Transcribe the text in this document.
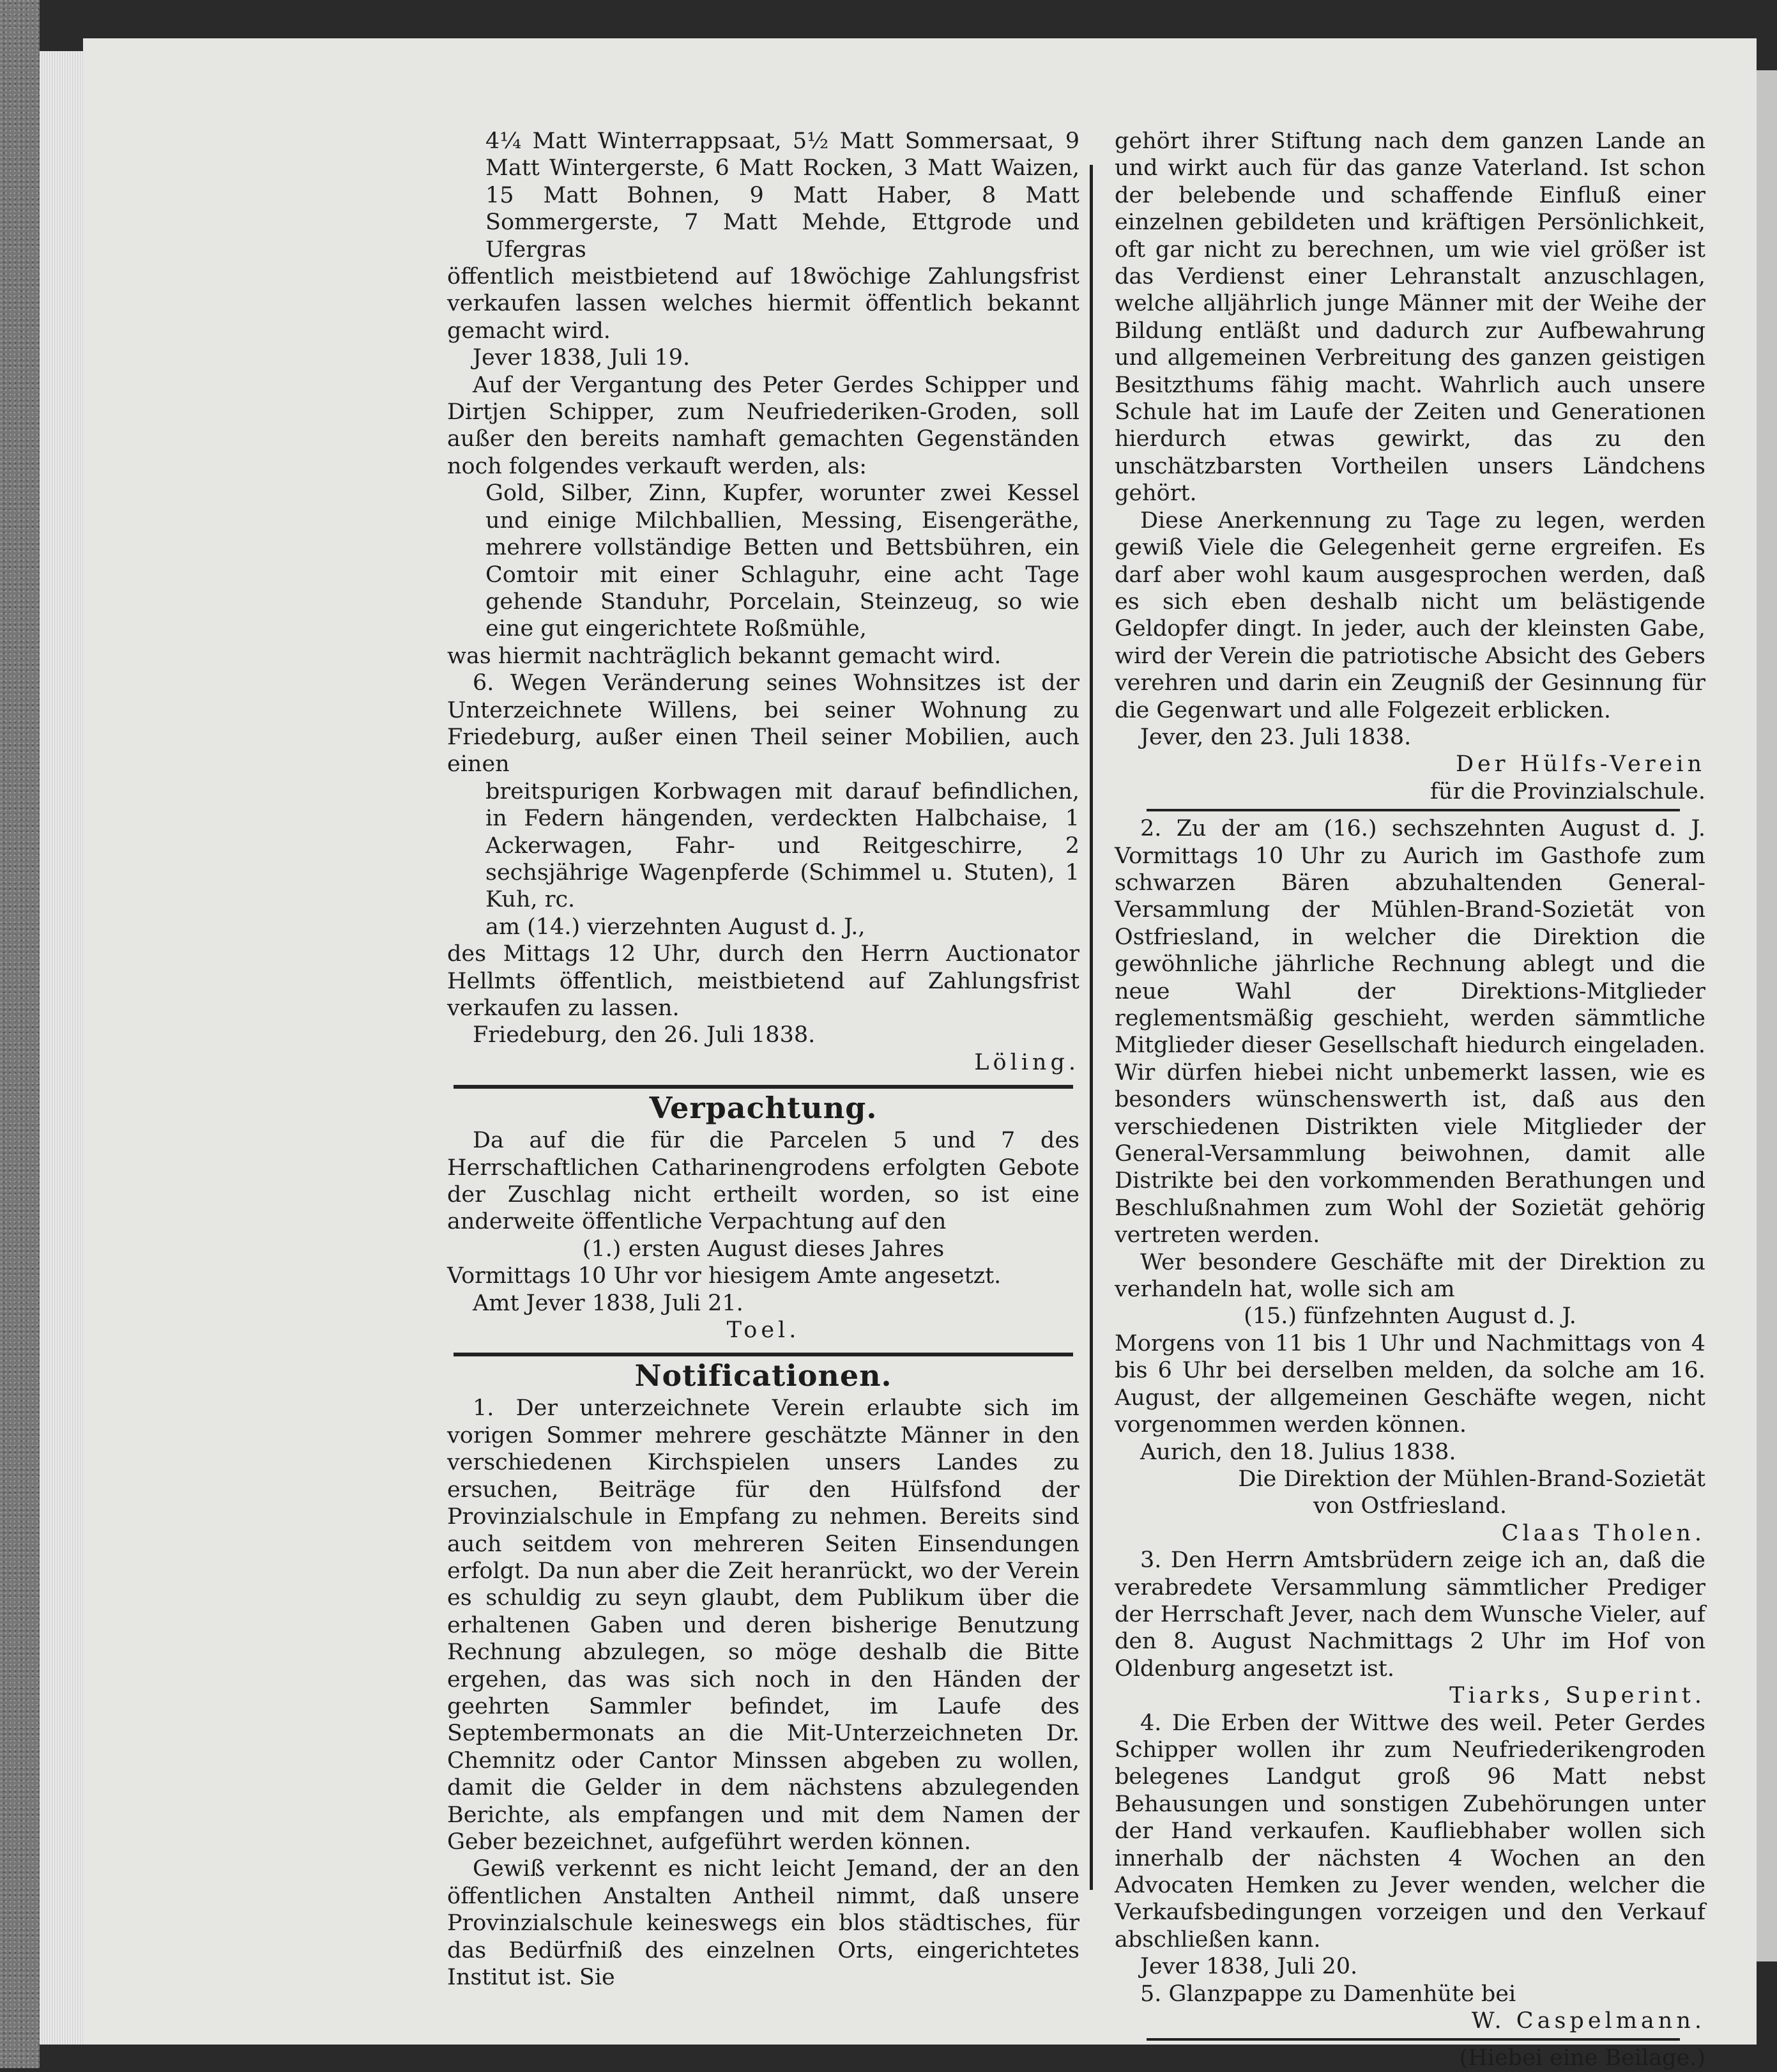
4¼ Matt Winterrappsaat, 5½ Matt Sommersaat, 9 Matt Wintergerste, 6 Matt Rocken, 3 Matt Waizen, 15 Matt Bohnen, 9 Matt Haber, 8 Matt Sommergerste, 7 Matt Mehde, Ettgrode und Ufergras

öffentlich meistbietend auf 18wöchige Zahlungsfrist verkaufen lassen welches hiermit öffentlich bekannt gemacht wird.

Jever 1838, Juli 19.

Auf der Vergantung des Peter Gerdes Schipper und Dirtjen Schipper, zum Neufriederiken-Groden, soll außer den bereits namhaft gemachten Gegenständen noch folgendes verkauft werden, als:

Gold, Silber, Zinn, Kupfer, worunter zwei Kessel und einige Milchballien, Messing, Eisengeräthe, mehrere vollständige Betten und Bettsbühren, ein Comtoir mit einer Schlaguhr, eine acht Tage gehende Standuhr, Porcelain, Steinzeug, so wie eine gut eingerichtete Roßmühle,

was hiermit nachträglich bekannt gemacht wird.

6. Wegen Veränderung seines Wohnsitzes ist der Unterzeichnete Willens, bei seiner Wohnung zu Friedeburg, außer einen Theil seiner Mobilien, auch einen

breitspurigen Korbwagen mit darauf befindlichen, in Federn hängenden, verdeckten Halbchaise, 1 Ackerwagen, Fahr- und Reitgeschirre, 2 sechsjährige Wagenpferde (Schimmel u. Stuten), 1 Kuh, rc.

am (14.) vierzehnten August d. J.,

des Mittags 12 Uhr, durch den Herrn Auctionator Hellmts öffentlich, meistbietend auf Zahlungsfrist verkaufen zu lassen.

Friedeburg, den 26. Juli 1838.

Löling.

Verpachtung.

Da auf die für die Parcelen 5 und 7 des Herrschaftlichen Catharinengrodens erfolgten Gebote der Zuschlag nicht ertheilt worden, so ist eine anderweite öffentliche Verpachtung auf den

(1.) ersten August dieses Jahres

Vormittags 10 Uhr vor hiesigem Amte angesetzt.

Amt Jever 1838, Juli 21.

Toel.

Notificationen.

1. Der unterzeichnete Verein erlaubte sich im vorigen Sommer mehrere geschätzte Männer in den verschiedenen Kirchspielen unsers Landes zu ersuchen, Beiträge für den Hülfsfond der Provinzialschule in Empfang zu nehmen. Bereits sind auch seitdem von mehreren Seiten Einsendungen erfolgt. Da nun aber die Zeit heranrückt, wo der Verein es schuldig zu seyn glaubt, dem Publikum über die erhaltenen Gaben und deren bisherige Benutzung Rechnung abzulegen, so möge deshalb die Bitte ergehen, das was sich noch in den Händen der geehrten Sammler befindet, im Laufe des Septembermonats an die Mit-Unterzeichneten Dr. Chemnitz oder Cantor Minssen abgeben zu wollen, damit die Gelder in dem nächstens abzulegenden Berichte, als empfangen und mit dem Namen der Geber bezeichnet, aufgeführt werden können.

Gewiß verkennt es nicht leicht Jemand, der an den öffentlichen Anstalten Antheil nimmt, daß unsere Provinzialschule keineswegs ein blos städtisches, für das Bedürfniß des einzelnen Orts, eingerichtetes Institut ist. Sie

gehört ihrer Stiftung nach dem ganzen Lande an und wirkt auch für das ganze Vaterland. Ist schon der belebende und schaffende Einfluß einer einzelnen gebildeten und kräftigen Persönlichkeit, oft gar nicht zu berechnen, um wie viel größer ist das Verdienst einer Lehranstalt anzuschlagen, welche alljährlich junge Männer mit der Weihe der Bildung entläßt und dadurch zur Aufbewahrung und allgemeinen Verbreitung des ganzen geistigen Besitzthums fähig macht. Wahrlich auch unsere Schule hat im Laufe der Zeiten und Generationen hierdurch etwas gewirkt, das zu den unschätzbarsten Vortheilen unsers Ländchens gehört.

Diese Anerkennung zu Tage zu legen, werden gewiß Viele die Gelegenheit gerne ergreifen. Es darf aber wohl kaum ausgesprochen werden, daß es sich eben deshalb nicht um belästigende Geldopfer dingt. In jeder, auch der kleinsten Gabe, wird der Verein die patriotische Absicht des Gebers verehren und darin ein Zeugniß der Gesinnung für die Gegenwart und alle Folgezeit erblicken.

Jever, den 23. Juli 1838.

Der Hülfs-Verein

für die Provinzialschule.

2. Zu der am (16.) sechszehnten August d. J. Vormittags 10 Uhr zu Aurich im Gasthofe zum schwarzen Bären abzuhaltenden General-Versammlung der Mühlen-Brand-Sozietät von Ostfriesland, in welcher die Direktion die gewöhnliche jährliche Rechnung ablegt und die neue Wahl der Direktions-Mitglieder reglementsmäßig geschieht, werden sämmtliche Mitglieder dieser Gesellschaft hiedurch eingeladen. Wir dürfen hiebei nicht unbemerkt lassen, wie es besonders wünschenswerth ist, daß aus den verschiedenen Distrikten viele Mitglieder der General-Versammlung beiwohnen, damit alle Distrikte bei den vorkommenden Berathungen und Beschlußnahmen zum Wohl der Sozietät gehörig vertreten werden.

Wer besondere Geschäfte mit der Direktion zu verhandeln hat, wolle sich am

(15.) fünfzehnten August d. J.

Morgens von 11 bis 1 Uhr und Nachmittags von 4 bis 6 Uhr bei derselben melden, da solche am 16. August, der allgemeinen Geschäfte wegen, nicht vorgenommen werden können.

Aurich, den 18. Julius 1838.

Die Direktion der Mühlen-Brand-Sozietät

von Ostfriesland.

Claas Tholen.

3. Den Herrn Amtsbrüdern zeige ich an, daß die verabredete Versammlung sämmtlicher Prediger der Herrschaft Jever, nach dem Wunsche Vieler, auf den 8. August Nachmittags 2 Uhr im Hof von Oldenburg angesetzt ist.

Tiarks, Superint.

4. Die Erben der Wittwe des weil. Peter Gerdes Schipper wollen ihr zum Neufriederikengroden belegenes Landgut groß 96 Matt nebst Behausungen und sonstigen Zubehörungen unter der Hand verkaufen. Kaufliebhaber wollen sich innerhalb der nächsten 4 Wochen an den Advocaten Hemken zu Jever wenden, welcher die Verkaufsbedingungen vorzeigen und den Verkauf abschließen kann.

Jever 1838, Juli 20.

5. Glanzpappe zu Damenhüte bei

W. Caspelmann.

(Hiebei eine Beilage.)
